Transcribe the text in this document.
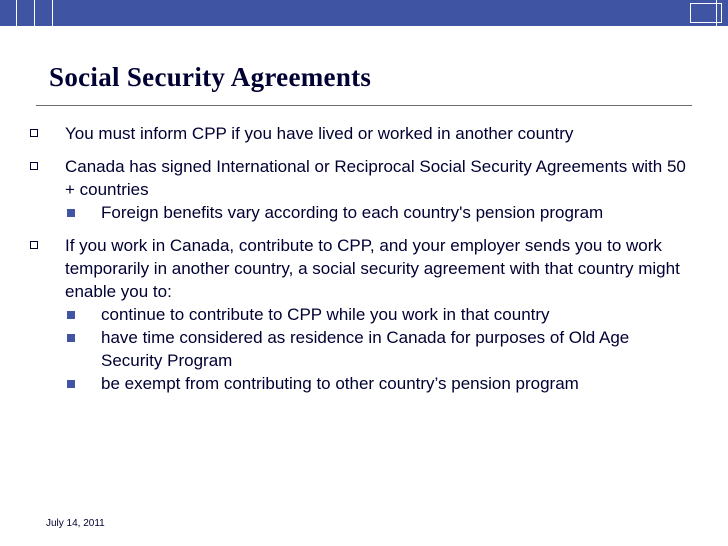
Social Security Agreements
You must inform CPP if you have lived or worked in another country
Canada has signed International or Reciprocal Social Security Agreements with 50 + countries
Foreign benefits vary according to each country's pension program
If you work in Canada, contribute to CPP, and your employer sends you to work temporarily in another country, a social security agreement with that country might enable you to:
continue to contribute to CPP while you work in that country
have time considered as residence in Canada for purposes of Old Age Security Program
be exempt from contributing to other country’s pension program
July 14, 2011
